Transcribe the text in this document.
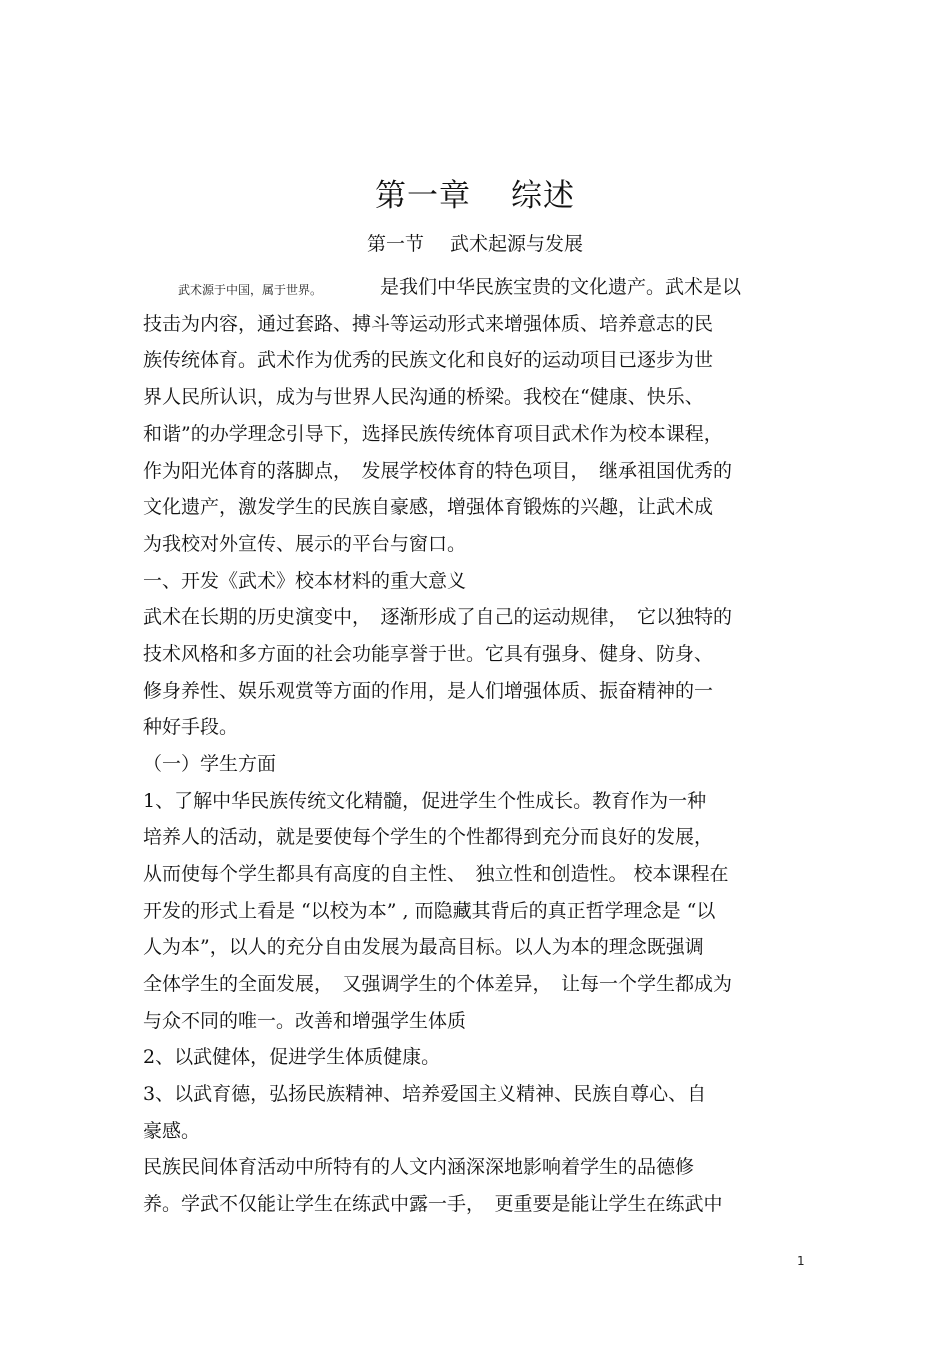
第一章 综述
第一节 武术起源与发展
武术源于中国，属于世界。	是我们中华民族宝贵的文化遗产。武术是以
技击为内容，通过套路、搏斗等运动形式来增强体质、培养意志的民
族传统体育。武术作为优秀的民族文化和良好的运动项目已逐步为世
界人民所认识，成为与世界人民沟通的桥梁。我校在“健康、快乐、
和谐”的办学理念引导下，选择民族传统体育项目武术作为校本课程，
作为阳光体育的落脚点，　发展学校体育的特色项目，　继承祖国优秀的
文化遗产，激发学生的民族自豪感，增强体育锻炼的兴趣，让武术成
为我校对外宣传、展示的平台与窗口。
一、开发《武术》校本材料的重大意义
武术在长期的历史演变中，　逐渐形成了自己的运动规律，　它以独特的
技术风格和多方面的社会功能享誉于世。它具有强身、健身、防身、
修身养性、娱乐观赏等方面的作用，是人们增强体质、振奋精神的一
种好手段。
（一）学生方面
1、了解中华民族传统文化精髓，促进学生个性成长。教育作为一种
培养人的活动，就是要使每个学生的个性都得到充分而良好的发展，
从而使每个学生都具有高度的自主性、　独立性和创造性。 校本课程在
开发的形式上看是 “以校为本” , 而隐藏其背后的真正哲学理念是 “以
人为本”，以人的充分自由发展为最高目标。以人为本的理念既强调
全体学生的全面发展，　又强调学生的个体差异，　让每一个学生都成为
与众不同的唯一。改善和增强学生体质
2、以武健体，促进学生体质健康。
3、以武育德，弘扬民族精神、培养爱国主义精神、民族自尊心、自
豪感。
民族民间体育活动中所特有的人文内涵深深地影响着学生的品德修
养。学武不仅能让学生在练武中露一手，　更重要是能让学生在练武中
1
